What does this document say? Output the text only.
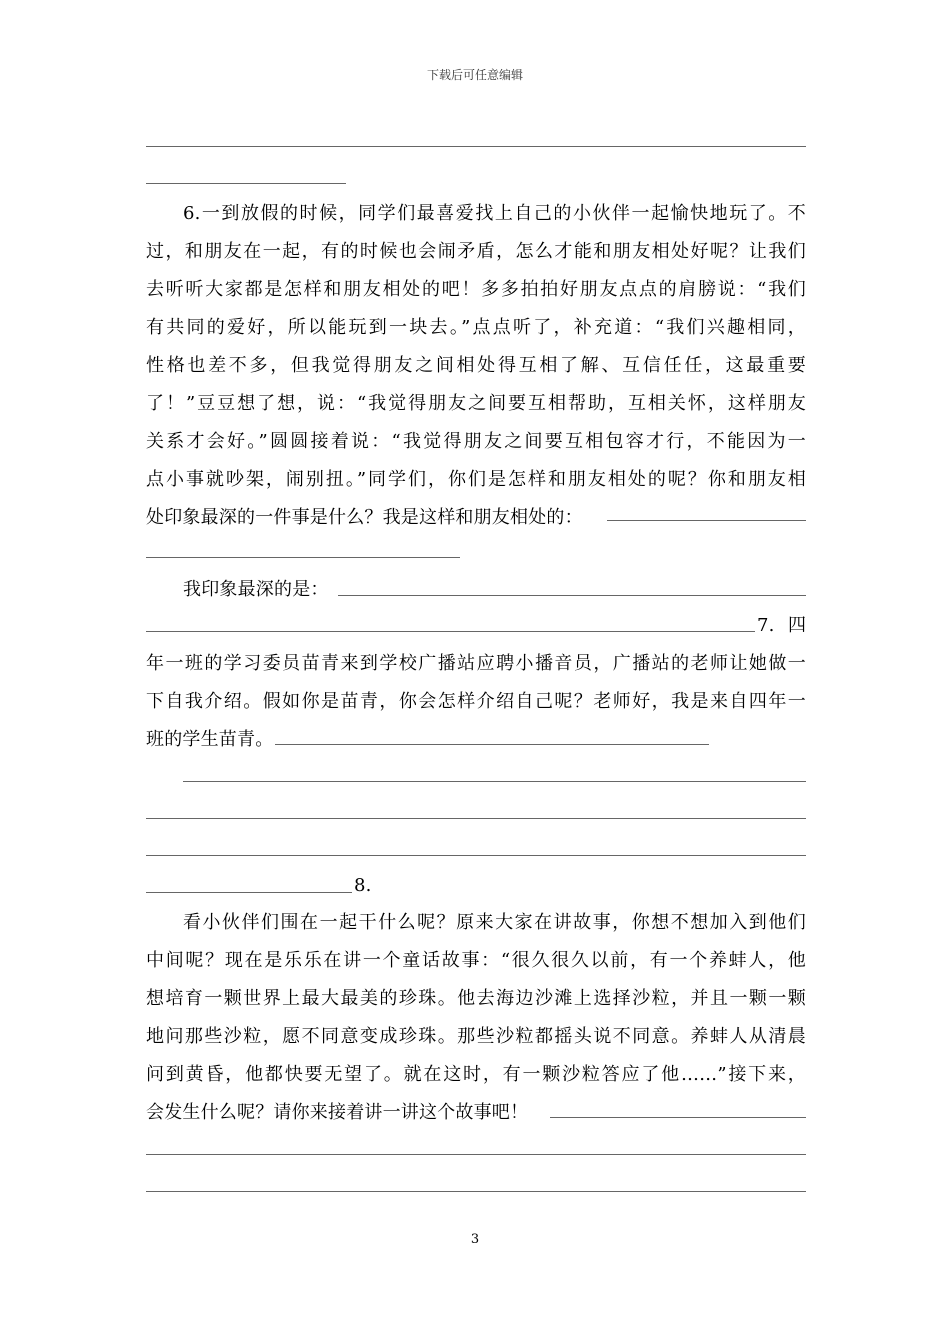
下载后可任意编辑
6.一到放假的时候，同学们最喜爱找上自己的小伙伴一起愉快地玩了。不
过，和朋友在一起，有的时候也会闹矛盾，怎么才能和朋友相处好呢？让我们
去听听大家都是怎样和朋友相处的吧！多多拍拍好朋友点点的肩膀说：“我们
有共同的爱好，所以能玩到一块去。”点点听了，补充道：“我们兴趣相同，
性格也差不多，但我觉得朋友之间相处得互相了解、互信任任，这最重要
了！”豆豆想了想，说：“我觉得朋友之间要互相帮助，互相关怀，这样朋友
关系才会好。”圆圆接着说：“我觉得朋友之间要互相包容才行，不能因为一
点小事就吵架，闹别扭。”同学们，你们是怎样和朋友相处的呢？你和朋友相
处印象最深的一件事是什么？我是这样和朋友相处的：
我印象最深的是：
7. 四
年一班的学习委员苗青来到学校广播站应聘小播音员，广播站的老师让她做一
下自我介绍。假如你是苗青，你会怎样介绍自己呢？老师好，我是来自四年一
班的学生苗青。
8.
看小伙伴们围在一起干什么呢？原来大家在讲故事，你想不想加入到他们
中间呢？现在是乐乐在讲一个童话故事：“很久很久以前，有一个养蚌人，他
想培育一颗世界上最大最美的珍珠。他去海边沙滩上选择沙粒，并且一颗一颗
地问那些沙粒，愿不同意变成珍珠。那些沙粒都摇头说不同意。养蚌人从清晨
问到黄昏，他都快要无望了。就在这时，有一颗沙粒答应了他……”接下来，
会发生什么呢？请你来接着讲一讲这个故事吧！
3
